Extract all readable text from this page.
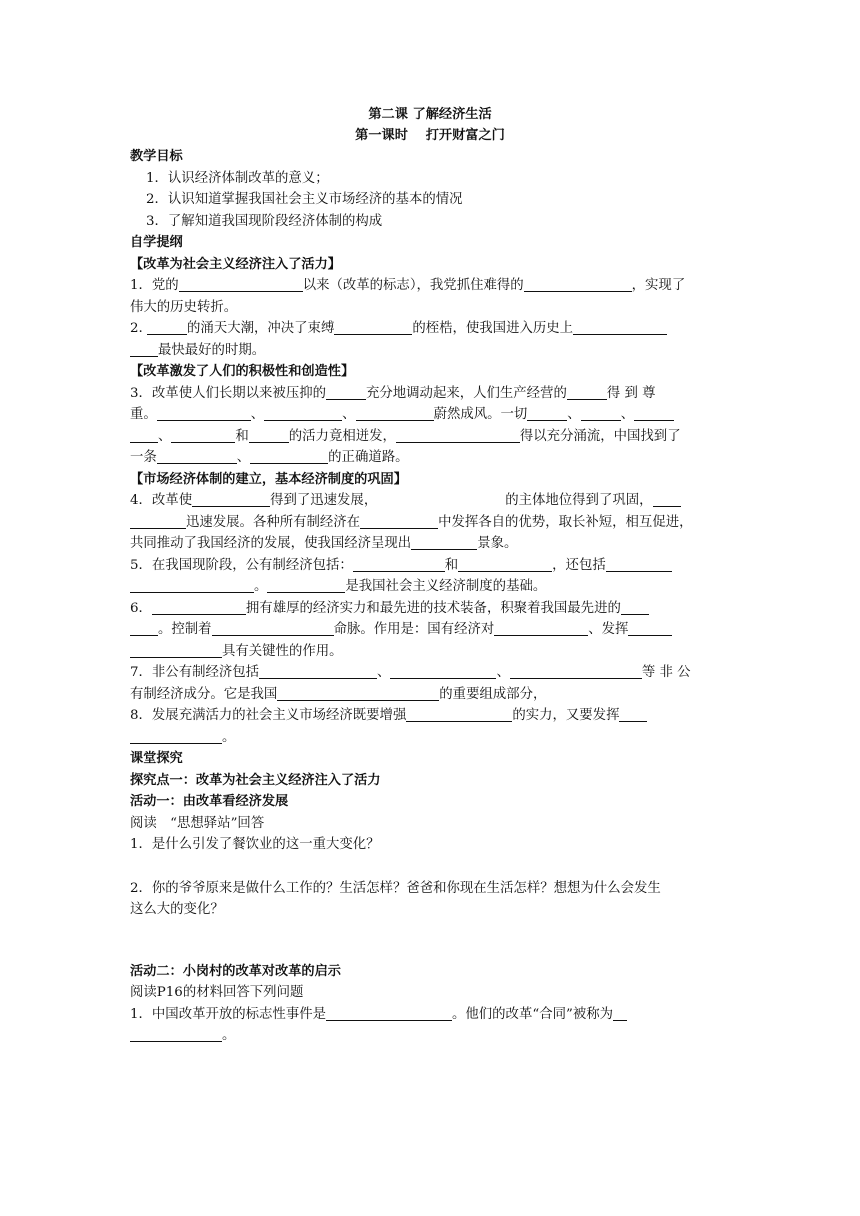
第二课 了解经济生活
第一课时　 打开财富之门
教学目标
1．认识经济体制改革的意义；
2．认识知道掌握我国社会主义市场经济的基本的情况
3．了解知道我国现阶段经济体制的构成
自学提纲
【改革为社会主义经济注入了活力】
1．党的	以来（改革的标志），我党抓住难得的	，实现了
伟大的历史转折。
2.	的涌天大潮，冲决了束缚	的桎梏，使我国进入历史上
最快最好的时期。
【改革激发了人们的积极性和创造性】
3．改革使人们长期以来被压抑的	充分地调动起来，人们生产经营的	得 到 尊
重。	、	、	蔚然成风。一切	、	、
、	和	的活力竟相迸发，	得以充分涌流，中国找到了
一条	、	的正确道路。
【市场经济体制的建立，基本经济制度的巩固】
4．改革使	得到了迅速发展，	的主体地位得到了巩固，
迅速发展。各种所有制经济在	中发挥各自的优势，取长补短，相互促进，
共同推动了我国经济的发展，使我国经济呈现出	景象。
5．在我国现阶段，公有制经济包括：	和	，还包括
。	是我国社会主义经济制度的基础。
6．	拥有雄厚的经济实力和最先进的技术装备，积聚着我国最先进的
。控制着	命脉。作用是：国有经济对	、发挥
具有关键性的作用。
7．非公有制经济包括	、	、	等 非 公
有制经济成分。它是我国	的重要组成部分，
8．发展充满活力的社会主义市场经济既要增强	的实力，又要发挥
。
课堂探究
探究点一：改革为社会主义经济注入了活力
活动一：由改革看经济发展
阅读　“思想驿站”回答
1．是什么引发了餐饮业的这一重大变化？
2．你的爷爷原来是做什么工作的？生活怎样？爸爸和你现在生活怎样？想想为什么会发生
这么大的变化？
活动二：小岗村的改革对改革的启示
阅读P16的材料回答下列问题
1．中国改革开放的标志性事件是	。他们的改革“合同”被称为
。
